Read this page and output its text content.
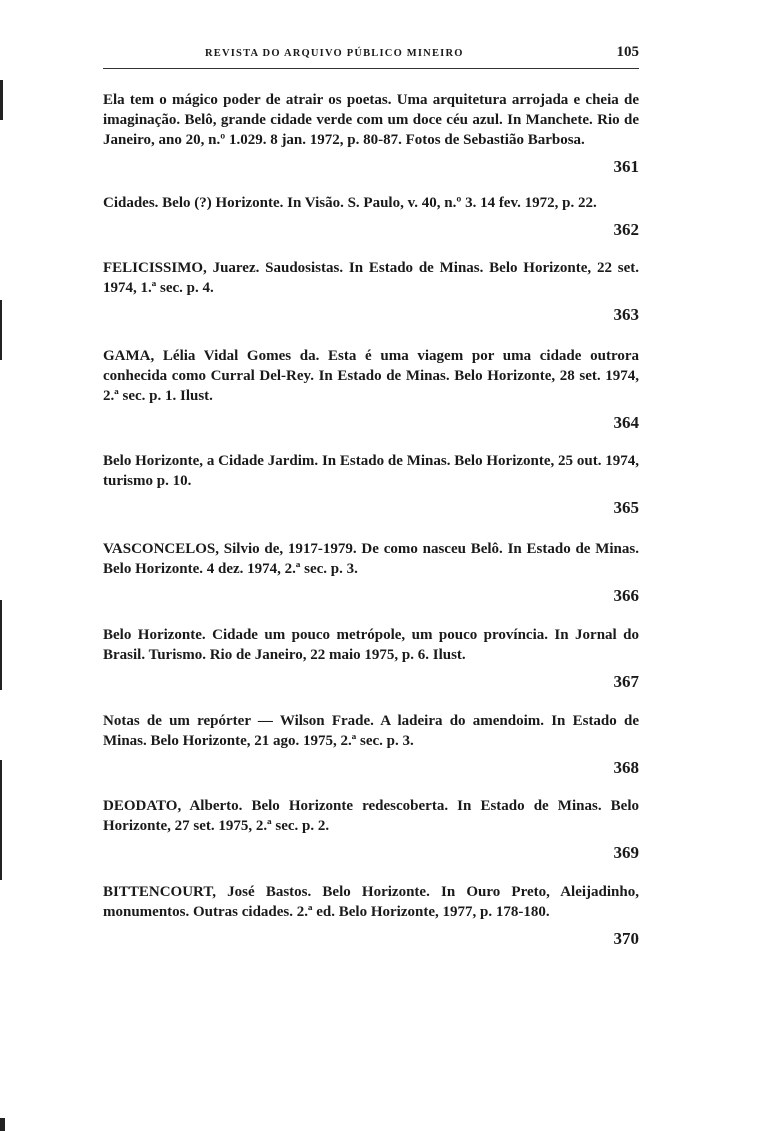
REVISTA DO ARQUIVO PÚBLICO MINEIRO	105
Ela tem o mágico poder de atrair os poetas. Uma arquitetura arrojada e cheia de imaginação. Belô, grande cidade verde com um doce céu azul. In Manchete. Rio de Janeiro, ano 20, n.º 1.029. 8 jan. 1972, p. 80-87. Fotos de Sebastião Barbosa.
361
Cidades. Belo (?) Horizonte. In Visão. S. Paulo, v. 40, n.º 3. 14 fev. 1972, p. 22.
362
FELICISSIMO, Juarez. Saudosistas. In Estado de Minas. Belo Horizonte, 22 set. 1974, 1.ª sec. p. 4.
363
GAMA, Lélia Vidal Gomes da. Esta é uma viagem por uma cidade outrora conhecida como Curral Del-Rey. In Estado de Minas. Belo Horizonte, 28 set. 1974, 2.ª sec. p. 1. Ilust.
364
Belo Horizonte, a Cidade Jardim. In Estado de Minas. Belo Horizonte, 25 out. 1974, turismo p. 10.
365
VASCONCELOS, Silvio de, 1917-1979. De como nasceu Belô. In Estado de Minas. Belo Horizonte. 4 dez. 1974, 2.ª sec. p. 3.
366
Belo Horizonte. Cidade um pouco metrópole, um pouco província. In Jornal do Brasil. Turismo. Rio de Janeiro, 22 maio 1975, p. 6. Ilust.
367
Notas de um repórter — Wilson Frade. A ladeira do amendoim. In Estado de Minas. Belo Horizonte, 21 ago. 1975, 2.ª sec. p. 3.
368
DEODATO, Alberto. Belo Horizonte redescoberta. In Estado de Minas. Belo Horizonte, 27 set. 1975, 2.ª sec. p. 2.
369
BITTENCOURT, José Bastos. Belo Horizonte. In Ouro Preto, Aleijadinho, monumentos. Outras cidades. 2.ª ed. Belo Horizonte, 1977, p. 178-180.
370
